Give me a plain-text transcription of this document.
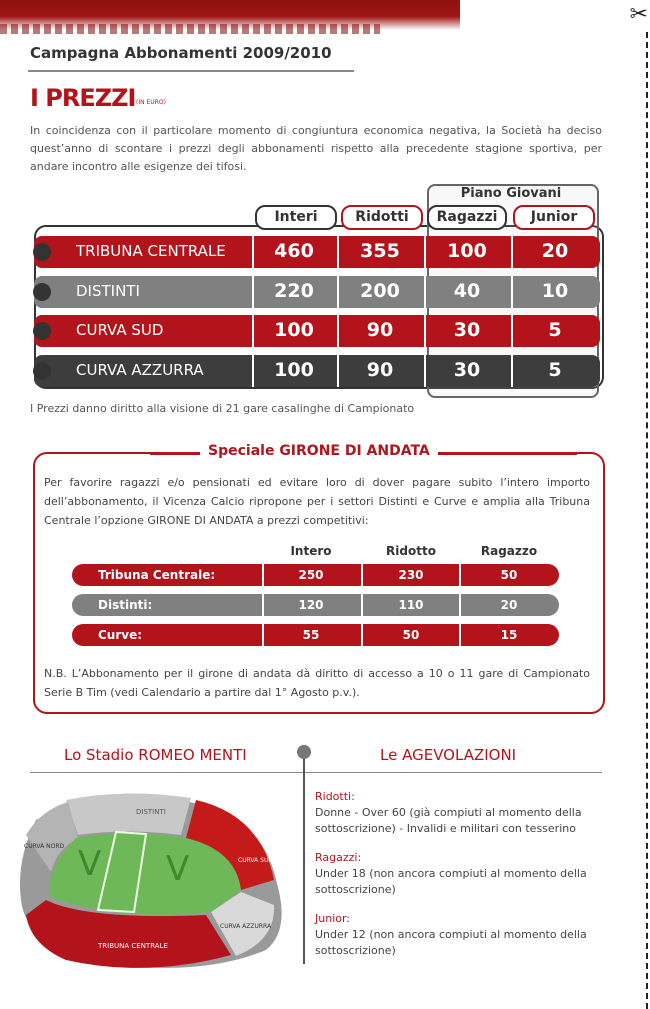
✂
Campagna Abbonamenti 2009/2010
I PREZZI (IN EURO)
In coincidenza con il particolare momento di congiuntura economica negativa, la Società ha deciso quest’anno di scontare i prezzi degli abbonamenti rispetto alla precedente stagione sportiva, per andare incontro alle esigenze dei tifosi.
Piano Giovani
Interi	Ridotti	Ragazzi	Junior
TRIBUNA CENTRALE	460	355	100	20
DISTINTI	220	200	40	10
CURVA SUD	100	90	30	5
CURVA AZZURRA	100	90	30	5
I Prezzi danno diritto alla visione di 21 gare casalinghe di Campionato
Speciale GIRONE DI ANDATA
Per favorire ragazzi e/o pensionati ed evitare loro di dover pagare subito l’intero importo dell’abbonamento, il Vicenza Calcio ripropone per i settori Distinti e Curve e amplia alla Tribuna Centrale l’opzione GIRONE DI ANDATA a prezzi competitivi:
Intero	Ridotto	Ragazzo
Tribuna Centrale:	250	230	50
Distinti:	120	110	20
Curve:	55	50	15
N.B. L’Abbonamento per il girone di andata dà diritto di accesso a 10 o 11 gare di Campionato Serie B Tim (vedi Calendario a partire dal 1° Agosto p.v.).
Lo Stadio ROMEO MENTI	Le AGEVOLAZIONI
Ridotti:
Donne - Over 60 (già compiuti al momento della sottoscrizione) - Invalidi e militari con tesserino
Ragazzi:
Under 18 (non ancora compiuti al momento della sottoscrizione)
Junior:
Under 12 (non ancora compiuti al momento della sottoscrizione)
V V
DISTINTI
CURVA NORD
CURVA SUD
TRIBUNA CENTRALE
CURVA AZZURRA
